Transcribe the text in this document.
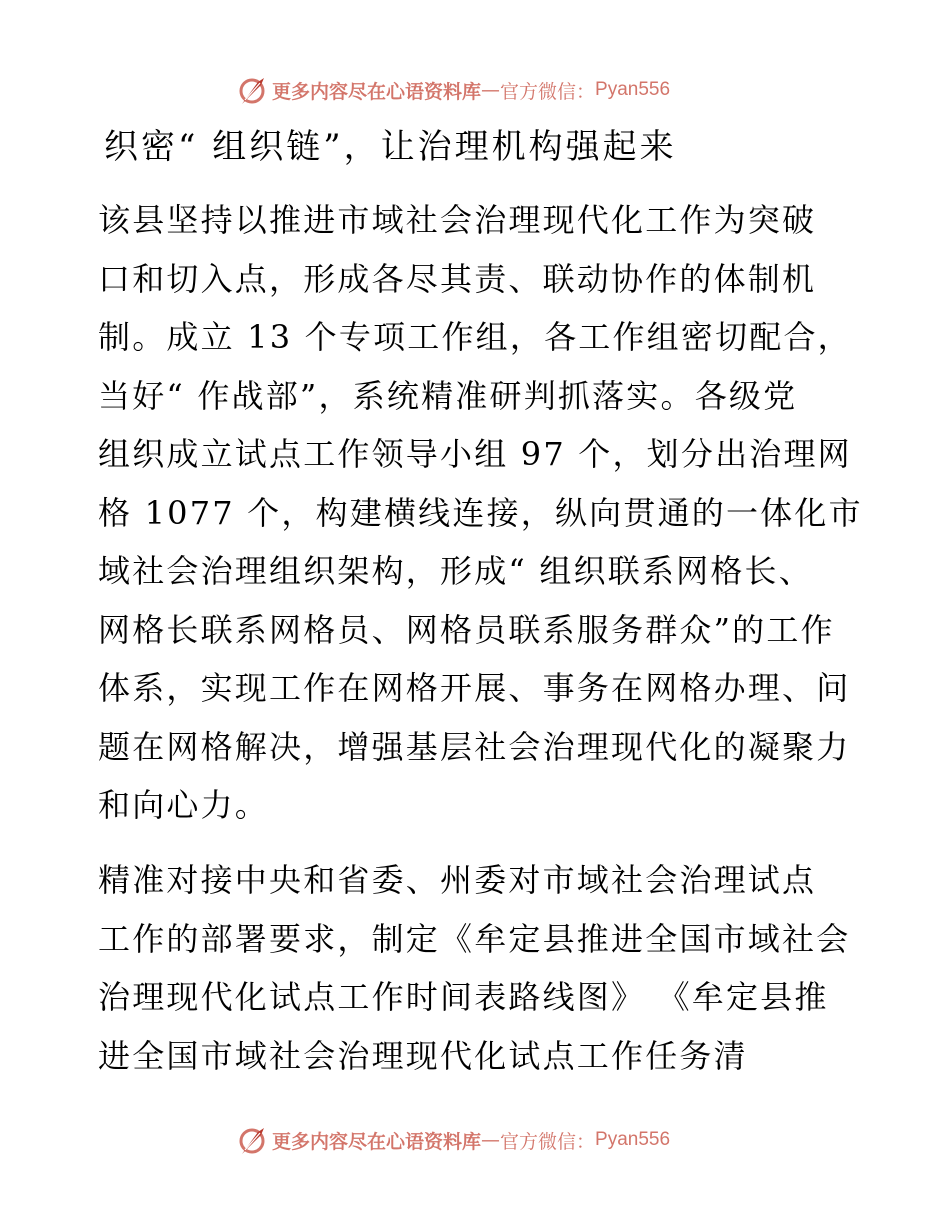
更多内容尽在心语资料库 — 官方微信： Pyan556
织密“ 组织链”，让治理机构强起来
该县坚持以推进市域社会治理现代化工作为突破
口和切入点，形成各尽其责、联动协作的体制机
制。成立 13 个专项工作组，各工作组密切配合，
当好“ 作战部”，系统精准研判抓落实。各级党
组织成立试点工作领导小组 97 个，划分出治理网
格 1077 个，构建横线连接，纵向贯通的一体化市
域社会治理组织架构，形成“ 组织联系网格长、
网格长联系网格员、网格员联系服务群众”的工作
体系，实现工作在网格开展、事务在网格办理、问
题在网格解决，增强基层社会治理现代化的凝聚力
和向心力。
精准对接中央和省委、州委对市域社会治理试点
工作的部署要求，制定《牟定县推进全国市域社会
治理现代化试点工作时间表路线图》 《牟定县推
进全国市域社会治理现代化试点工作任务清
更多内容尽在心语资料库 — 官方微信： Pyan556
